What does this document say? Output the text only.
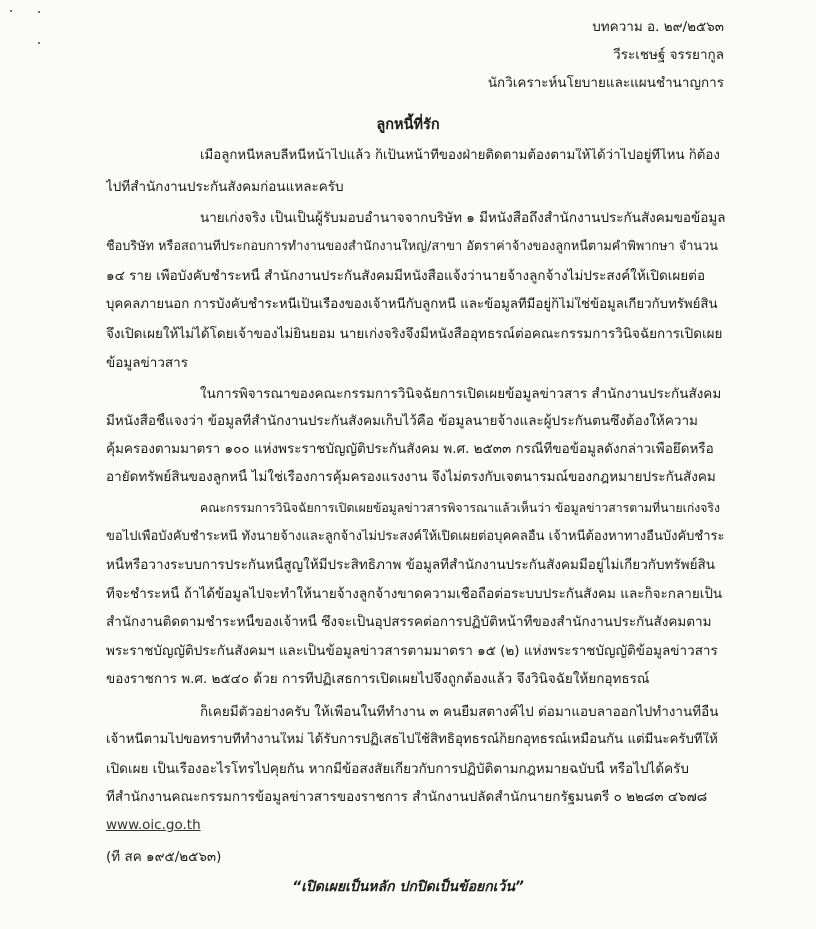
บทความ อ. ๒๙/๒๕๖๓
วีระเชษฐ์ จรรยากูล
นักวิเคราะห์นโยบายและแผนชำนาญการ
ลูกหนี้ที่รัก
เมื่อลูกหนี้หลบลี้หนีหน้าไปแล้ว ก็เป็นหน้าที่ของฝ่ายติดตามต้องตามให้ได้ว่าไปอยู่ที่ไหน ก็ต้อง
ไปที่สำนักงานประกันสังคมก่อนแหละครับ
นายเก่งจริง เป็นเป็นผู้รับมอบอำนาจจากบริษัท ๑ มีหนังสือถึงสำนักงานประกันสังคมขอข้อมูล
ชื่อบริษัท หรือสถานที่ประกอบการทำงานของสำนักงานใหญ่/สาขา อัตราค่าจ้างของลูกหนี้ตามคำพิพากษา จำนวน
๑๔ ราย เพื่อบังคับชำระหนี้ สำนักงานประกันสังคมมีหนังสือแจ้งว่านายจ้างลูกจ้างไม่ประสงค์ให้เปิดเผยต่อ
บุคคลภายนอก การบังคับชำระหนี้เป็นเรื่องของเจ้าหนี้กับลูกหนี้ และข้อมูลที่มีอยู่ก็ไม่ใช่ข้อมูลเกี่ยวกับทรัพย์สิน
จึงเปิดเผยให้ไม่ได้โดยเจ้าของไม่ยินยอม นายเก่งจริงจึงมีหนังสืออุทธรณ์ต่อคณะกรรมการวินิจฉัยการเปิดเผย
ข้อมูลข่าวสาร
ในการพิจารณาของคณะกรรมการวินิจฉัยการเปิดเผยข้อมูลข่าวสาร สำนักงานประกันสังคม
มีหนังสือชี้แจงว่า ข้อมูลที่สำนักงานประกันสังคมเก็บไว้คือ ข้อมูลนายจ้างและผู้ประกันตนซึ่งต้องให้ความ
คุ้มครองตามมาตรา ๑๐๐ แห่งพระราชบัญญัติประกันสังคม พ.ศ. ๒๕๓๓ กรณีที่ขอข้อมูลดังกล่าวเพื่อยึดหรือ
อายัดทรัพย์สินของลูกหนี้ ไม่ใช่เรื่องการคุ้มครองแรงงาน จึงไม่ตรงกับเจตนารมณ์ของกฎหมายประกันสังคม
คณะกรรมการวินิจฉัยการเปิดเผยข้อมูลข่าวสารพิจารณาแล้วเห็นว่า ข้อมูลข่าวสารตามที่นายเก่งจริง
ขอไปเพื่อบังคับชำระหนี้ ทั้งนายจ้างและลูกจ้างไม่ประสงค์ให้เปิดเผยต่อบุคคลอื่น เจ้าหนี้ต้องหาทางอื่นบังคับชำระ
หนี้หรือวางระบบการประกันหนี้สูญให้มีประสิทธิภาพ ข้อมูลที่สำนักงานประกันสังคมมีอยู่ไม่เกี่ยวกับทรัพย์สิน
ที่จะชำระหนี้ ถ้าได้ข้อมูลไปจะทำให้นายจ้างลูกจ้างขาดความเชื่อถือต่อระบบประกันสังคม และก็จะกลายเป็น
สำนักงานติดตามชำระหนี้ของเจ้าหนี้ ซึ่งจะเป็นอุปสรรคต่อการปฏิบัติหน้าที่ของสำนักงานประกันสังคมตาม
พระราชบัญญัติประกันสังคมฯ และเป็นข้อมูลข่าวสารตามมาตรา ๑๕ (๒) แห่งพระราชบัญญัติข้อมูลข่าวสาร
ของราชการ พ.ศ. ๒๕๔๐ ด้วย การที่ปฏิเสธการเปิดเผยไปจึงถูกต้องแล้ว จึงวินิจฉัยให้ยกอุทธรณ์
ก็เคยมีตัวอย่างครับ ให้เพื่อนในที่ทำงาน ๓ คนยืมสตางค์ไป ต่อมาแอบลาออกไปทำงานที่อื่น
เจ้าหนี้ตามไปขอทราบที่ทำงานใหม่ ได้รับการปฏิเสธไปใช้สิทธิอุทธรณ์ก็ยกอุทธรณ์เหมือนกัน แต่มีนะครับที่ให้
เปิดเผย เป็นเรื่องอะไรโทรไปคุยกัน หากมีข้อสงสัยเกี่ยวกับการปฏิบัติตามกฎหมายฉบับนี้ หรือไปได้ครับ
ที่สำนักงานคณะกรรมการข้อมูลข่าวสารของราชการ สำนักงานปลัดสำนักนายกรัฐมนตรี ๐ ๒๒๘๓ ๔๖๗๘
www.oic.go.th
(ที่ สค ๑๙๕/๒๕๖๓)
“เปิดเผยเป็นหลัก ปกปิดเป็นข้อยกเว้น”
